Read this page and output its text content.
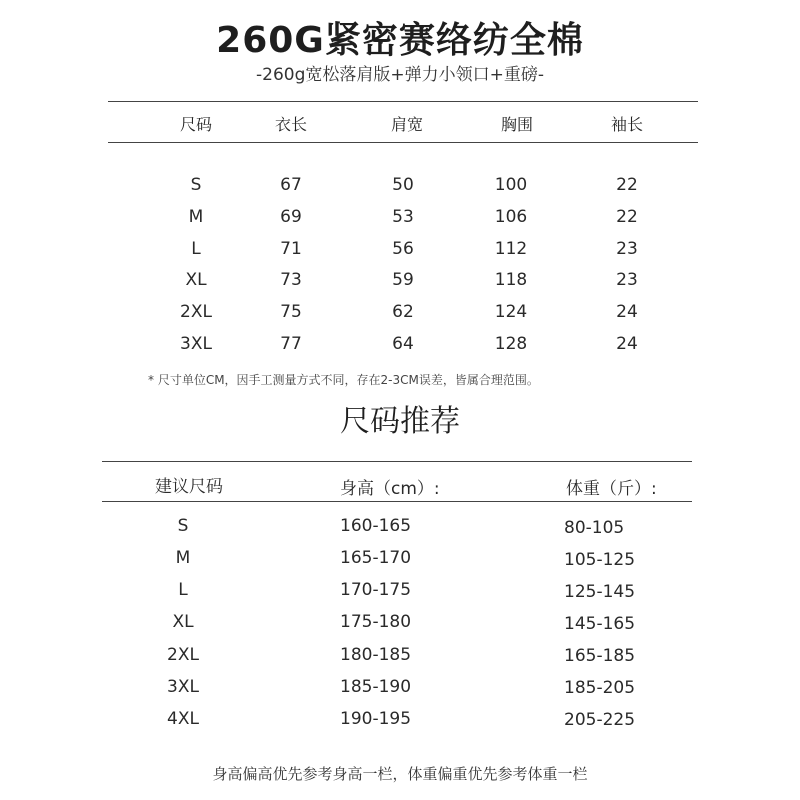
260G紧密赛络纺全棉
-260g宽松落肩版+弹力小领口+重磅-
尺码	衣长	肩宽	胸围	袖长
S	67	50	100	22
M	69	53	106	22
L	71	56	112	23
XL	73	59	118	23
2XL	75	62	124	24
3XL	77	64	128	24
* 尺寸单位CM，因手工测量方式不同，存在2-3CM误差，皆属合理范围。
尺码推荐
建议尺码	身高（cm）:	体重（斤）:
S	160-165	80-105
M	165-170	105-125
L	170-175	125-145
XL	175-180	145-165
2XL	180-185	165-185
3XL	185-190	185-205
4XL	190-195	205-225
身高偏高优先参考身高一栏，体重偏重优先参考体重一栏
